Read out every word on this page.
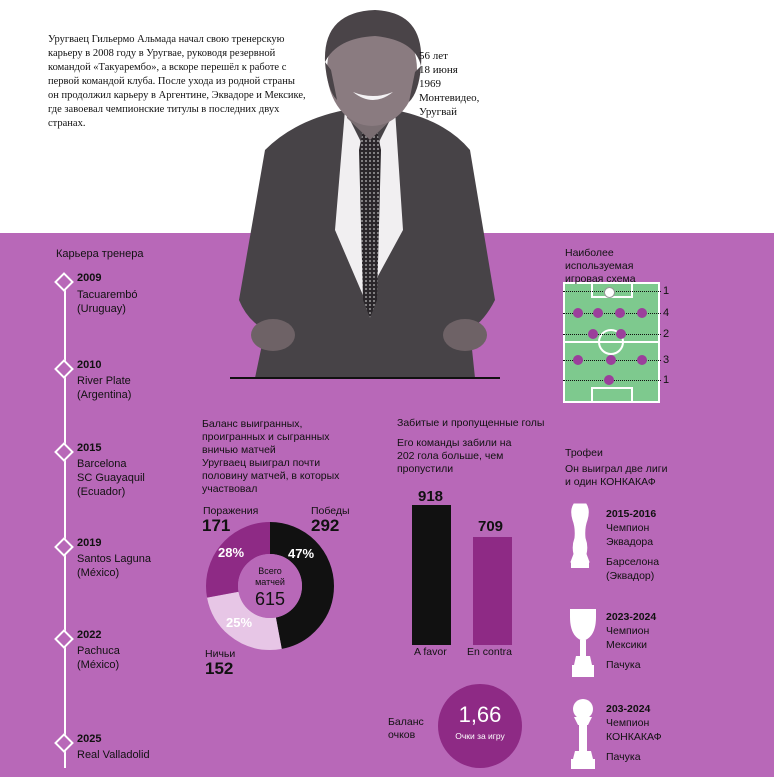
Уругваец Гильермо Альмада начал свою тренерскую карьеру в 2008 году в Уругвае, руководя резервной командой «Такуарембо», а вскоре перешёл к работе с первой командой клуба. После ухода из родной страны он продолжил карьеру в Аргентине, Эквадоре и Мексике, где завоевал чемпионские титулы в последних двух странах.
56 лет
18 июня
1969
Монтевидео,
Уругвай
Карьера тренера
2009
Tacuarembó
(Uruguay)
2010
River Plate
(Argentina)
2015
Barcelona
SC Guayaquil
(Ecuador)
2019
Santos Laguna
(México)
2022
Pachuca
(México)
2025
Real Valladolid
Наиболее
используемая
игровая схема
1
4
2
3
1
Баланс выигранных,
проигранных и сыгранных
вничью матчей
Уругваец выиграл почти
половину матчей, в которых
участвовал
Поражения
171
Победы
292
Ничьи
152
47%
28%
25%
Всего
матчей
615
Забитые и пропущенные голы
Его команды забили на
202 гола больше, чем
пропустили
918
A favor
709
En contra
Баланс
очков
1,66
Очки за игру
Трофеи
Он выиграл две лиги
и один КОНКАКАФ
2015-2016
Чемпион
Эквадора
Барселона
(Эквадор)
2023-2024
Чемпион
Мексики
Пачука
203-2024
Чемпион
КОНКАКАФ
Пачука
